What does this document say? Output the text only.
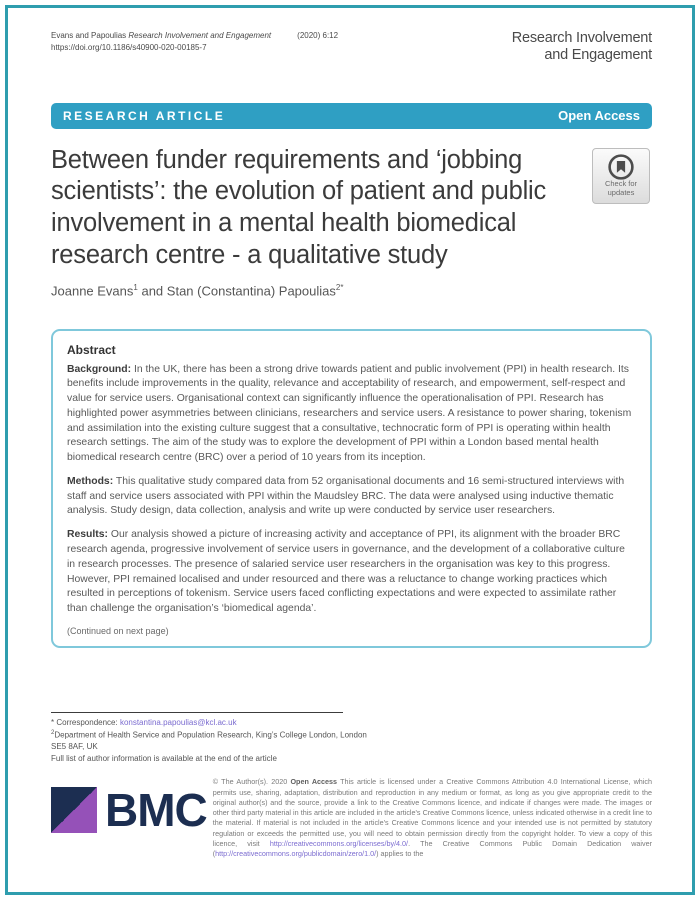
Evans and Papoulias Research Involvement and Engagement	(2020) 6:12
https://doi.org/10.1186/s40900-020-00185-7
Research Involvement
and Engagement
RESEARCH ARTICLE	Open Access
Between funder requirements and ‘jobbing scientists’: the evolution of patient and public involvement in a mental health biomedical research centre - a qualitative study
Check for
updates
Joanne Evans$^1$ and Stan (Constantina) Papoulias$^{2*}$
Abstract

Background: In the UK, there has been a strong drive towards patient and public involvement (PPI) in health research. Its benefits include improvements in the quality, relevance and acceptability of research, and empowerment, self-respect and value for service users. Organisational context can significantly influence the operationalisation of PPI. Research has highlighted power asymmetries between clinicians, researchers and service users. A resistance to power sharing, tokenism and assimilation into the existing culture suggest that a consultative, technocratic form of PPI is operating within health research settings. The aim of the study was to explore the development of PPI within a London based mental health biomedical research centre (BRC) over a period of 10 years from its inception.

Methods: This qualitative study compared data from 52 organisational documents and 16 semi-structured interviews with staff and service users associated with PPI within the Maudsley BRC. The data were analysed using inductive thematic analysis. Study design, data collection, analysis and write up were conducted by service user researchers.

Results: Our analysis showed a picture of increasing activity and acceptance of PPI, its alignment with the broader BRC research agenda, progressive involvement of service users in governance, and the development of a collaborative culture in research processes. The presence of salaried service user researchers in the organisation was key to this progress. However, PPI remained localised and under resourced and there was a reluctance to change working practices which resulted in perceptions of tokenism. Service users faced conflicting expectations and were expected to assimilate rather than challenge the organisation’s ‘biomedical agenda’.

(Continued on next page)
* Correspondence: konstantina.papoulias@kcl.ac.uk
$^2$Department of Health Service and Population Research, King’s College London, London SE5 8AF, UK
Full list of author information is available at the end of the article
BMC
© The Author(s). 2020 Open Access This article is licensed under a Creative Commons Attribution 4.0 International License, which permits use, sharing, adaptation, distribution and reproduction in any medium or format, as long as you give appropriate credit to the original author(s) and the source, provide a link to the Creative Commons licence, and indicate if changes were made. The images or other third party material in this article are included in the article's Creative Commons licence, unless indicated otherwise in a credit line to the material. If material is not included in the article's Creative Commons licence and your intended use is not permitted by statutory regulation or exceeds the permitted use, you will need to obtain permission directly from the copyright holder. To view a copy of this licence, visit http://creativecommons.org/licenses/by/4.0/. The Creative Commons Public Domain Dedication waiver (http://creativecommons.org/publicdomain/zero/1.0/) applies to the
